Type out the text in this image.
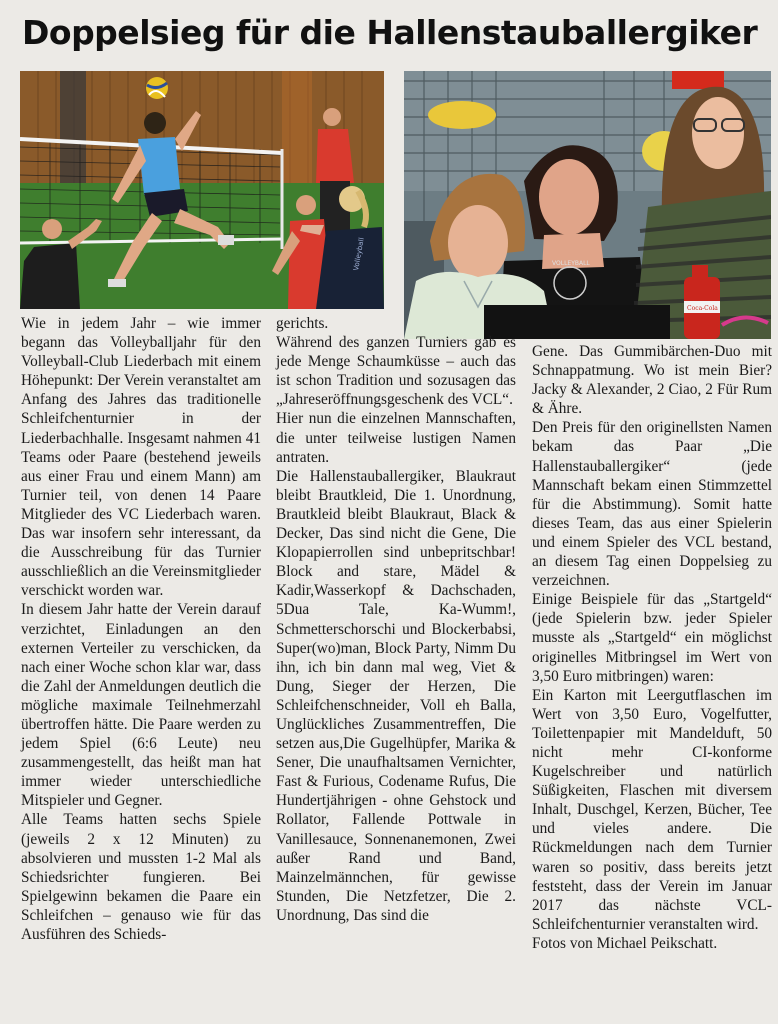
Doppelsieg für die Hallenstauballergiker
Volleyball	VOLLEYBALL
Coca-Cola

Wie in jedem Jahr – wie immer begann das Volleyballjahr für den Volleyball-Club Liederbach mit einem Höhepunkt: Der Verein veranstaltet am Anfang des Jahres das traditionelle Schleifchenturnier in der Liederbachhalle. Insgesamt nahmen 41 Teams oder Paare (bestehend jeweils aus einer Frau und einem Mann) am Turnier teil, von denen 14 Paare Mitglieder des VC Liederbach waren. Das war insofern sehr interessant, da die Ausschreibung für das Turnier ausschließlich an die Vereinsmitglieder verschickt worden war.

In diesem Jahr hatte der Verein darauf verzichtet, Einladungen an den externen Verteiler zu verschicken, da nach einer Woche schon klar war, dass die Zahl der Anmeldungen deutlich die mögliche maximale Teilnehmerzahl übertroffen hätte. Die Paare werden zu jedem Spiel (6:6 Leute) neu zusammengestellt, das heißt man hat immer wieder unterschiedliche Mitspieler und Gegner.

Alle Teams hatten sechs Spiele (jeweils 2 x 12 Minuten) zu absolvieren und mussten 1-2 Mal als Schiedsrichter fungieren. Bei Spielgewinn bekamen die Paare ein Schleifchen – genauso wie für das Ausführen des Schieds-

gerichts.

Während des ganzen Turniers gab es jede Menge Schaumküsse – auch das ist schon Tradition und sozusagen das „Jahreseröffnungsgeschenk des VCL“.

Hier nun die einzelnen Mannschaften, die unter teilweise lustigen Namen antraten.

Die Hallenstauballergiker, Blaukraut bleibt Brautkleid, Die 1. Unordnung, Brautkleid bleibt Blaukraut, Black & Decker, Das sind nicht die Gene, Die Klopapierrollen sind unbepritschbar! Block and stare, Mädel & Kadir,Wasserkopf & Dachschaden, 5Dua Tale, Ka-Wumm!, Schmetterschorschi und Blockerbabsi, Super(wo)man, Block Party, Nimm Du ihn, ich bin dann mal weg, Viet & Dung, Sieger der Herzen, Die Schleifchenschneider, Voll eh Balla, Unglückliches Zusammentreffen, Die setzen aus,Die Gugelhüpfer, Marika & Sener, Die unaufhaltsamen Vernichter, Fast & Furious, Codename Rufus, Die Hundertjährigen - ohne Gehstock und Rollator, Fallende Pottwale in Vanillesauce, Sonnenanemonen, Zwei außer Rand und Band, Mainzelmännchen, für gewisse Stunden, Die Netzfetzer, Die 2. Unordnung, Das sind die

Gene. Das Gummibärchen-Duo mit Schnappatmung. Wo ist mein Bier? Jacky & Alexander, 2 Ciao, 2 Für Rum & Ähre.

Den Preis für den originellsten Namen bekam das Paar „Die Hallenstauballergiker“ (jede Mannschaft bekam einen Stimmzettel für die Abstimmung). Somit hatte dieses Team, das aus einer Spielerin und einem Spieler des VCL bestand, an diesem Tag einen Doppelsieg zu verzeichnen.

Einige Beispiele für das „Startgeld“ (jede Spielerin bzw. jeder Spieler musste als „Startgeld“ ein möglichst originelles Mitbringsel im Wert von 3,50 Euro mitbringen) waren:

Ein Karton mit Leergutflaschen im Wert von 3,50 Euro, Vogelfutter, Toilettenpapier mit Mandelduft, 50 nicht mehr CI-konforme Kugelschreiber und natürlich Süßigkeiten, Flaschen mit diversem Inhalt, Duschgel, Kerzen, Bücher, Tee und vieles andere. Die Rückmeldungen nach dem Turnier waren so positiv, dass bereits jetzt feststeht, dass der Verein im Januar 2017 das nächste VCL-Schleifchenturnier veranstalten wird.

Fotos von Michael Peikschatt.
